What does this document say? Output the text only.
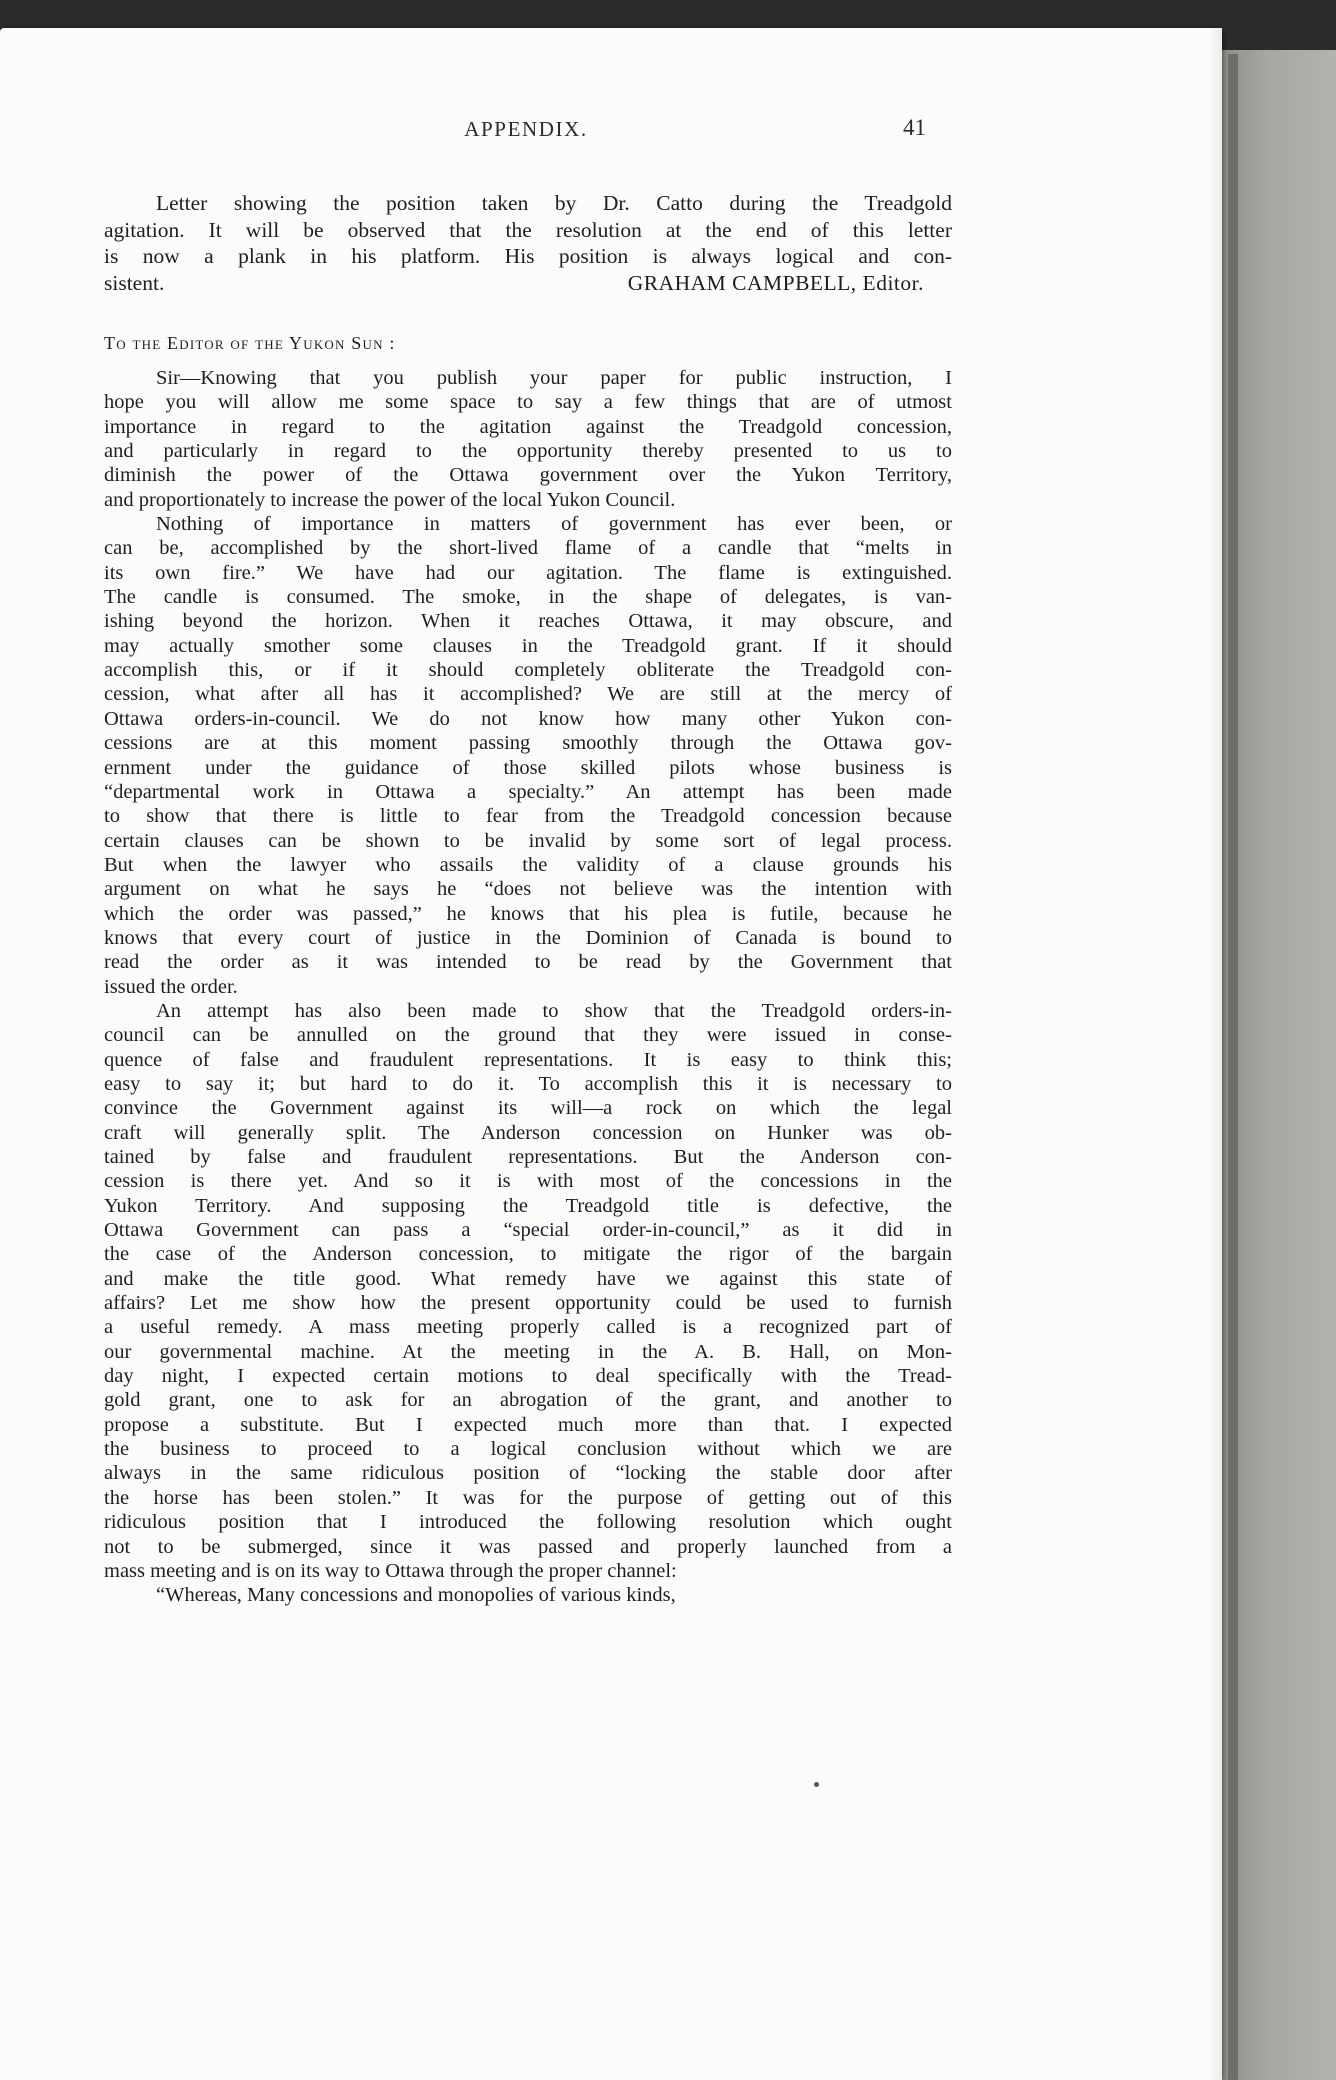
APPENDIX.	41
Letter showing the position taken by Dr. Catto during the Treadgold
agitation. It will be observed that the resolution at the end of this letter
is now a plank in his platform. His position is always logical and con-
sistent.	GRAHAM CAMPBELL, Editor.
To the Editor of the Yukon Sun :
Sir—Knowing that you publish your paper for public instruction, I
hope you will allow me some space to say a few things that are of utmost
importance in regard to the agitation against the Treadgold concession,
and particularly in regard to the opportunity thereby presented to us to
diminish the power of the Ottawa government over the Yukon Territory,
and proportionately to increase the power of the local Yukon Council.
Nothing of importance in matters of government has ever been, or
can be, accomplished by the short-lived flame of a candle that “melts in
its own fire.” We have had our agitation. The flame is extinguished.
The candle is consumed. The smoke, in the shape of delegates, is van-
ishing beyond the horizon. When it reaches Ottawa, it may obscure, and
may actually smother some clauses in the Treadgold grant. If it should
accomplish this, or if it should completely obliterate the Treadgold con-
cession, what after all has it accomplished? We are still at the mercy of
Ottawa orders-in-council. We do not know how many other Yukon con-
cessions are at this moment passing smoothly through the Ottawa gov-
ernment under the guidance of those skilled pilots whose business is
“departmental work in Ottawa a specialty.” An attempt has been made
to show that there is little to fear from the Treadgold concession because
certain clauses can be shown to be invalid by some sort of legal process.
But when the lawyer who assails the validity of a clause grounds his
argument on what he says he “does not believe was the intention with
which the order was passed,” he knows that his plea is futile, because he
knows that every court of justice in the Dominion of Canada is bound to
read the order as it was intended to be read by the Government that
issued the order.
An attempt has also been made to show that the Treadgold orders-in-
council can be annulled on the ground that they were issued in conse-
quence of false and fraudulent representations. It is easy to think this;
easy to say it; but hard to do it. To accomplish this it is necessary to
convince the Government against its will—a rock on which the legal
craft will generally split. The Anderson concession on Hunker was ob-
tained by false and fraudulent representations. But the Anderson con-
cession is there yet. And so it is with most of the concessions in the
Yukon Territory. And supposing the Treadgold title is defective, the
Ottawa Government can pass a “special order-in-council,” as it did in
the case of the Anderson concession, to mitigate the rigor of the bargain
and make the title good. What remedy have we against this state of
affairs? Let me show how the present opportunity could be used to furnish
a useful remedy. A mass meeting properly called is a recognized part of
our governmental machine. At the meeting in the A. B. Hall, on Mon-
day night, I expected certain motions to deal specifically with the Tread-
gold grant, one to ask for an abrogation of the grant, and another to
propose a substitute. But I expected much more than that. I expected
the business to proceed to a logical conclusion without which we are
always in the same ridiculous position of “locking the stable door after
the horse has been stolen.” It was for the purpose of getting out of this
ridiculous position that I introduced the following resolution which ought
not to be submerged, since it was passed and properly launched from a
mass meeting and is on its way to Ottawa through the proper channel:
“Whereas, Many concessions and monopolies of various kinds,
